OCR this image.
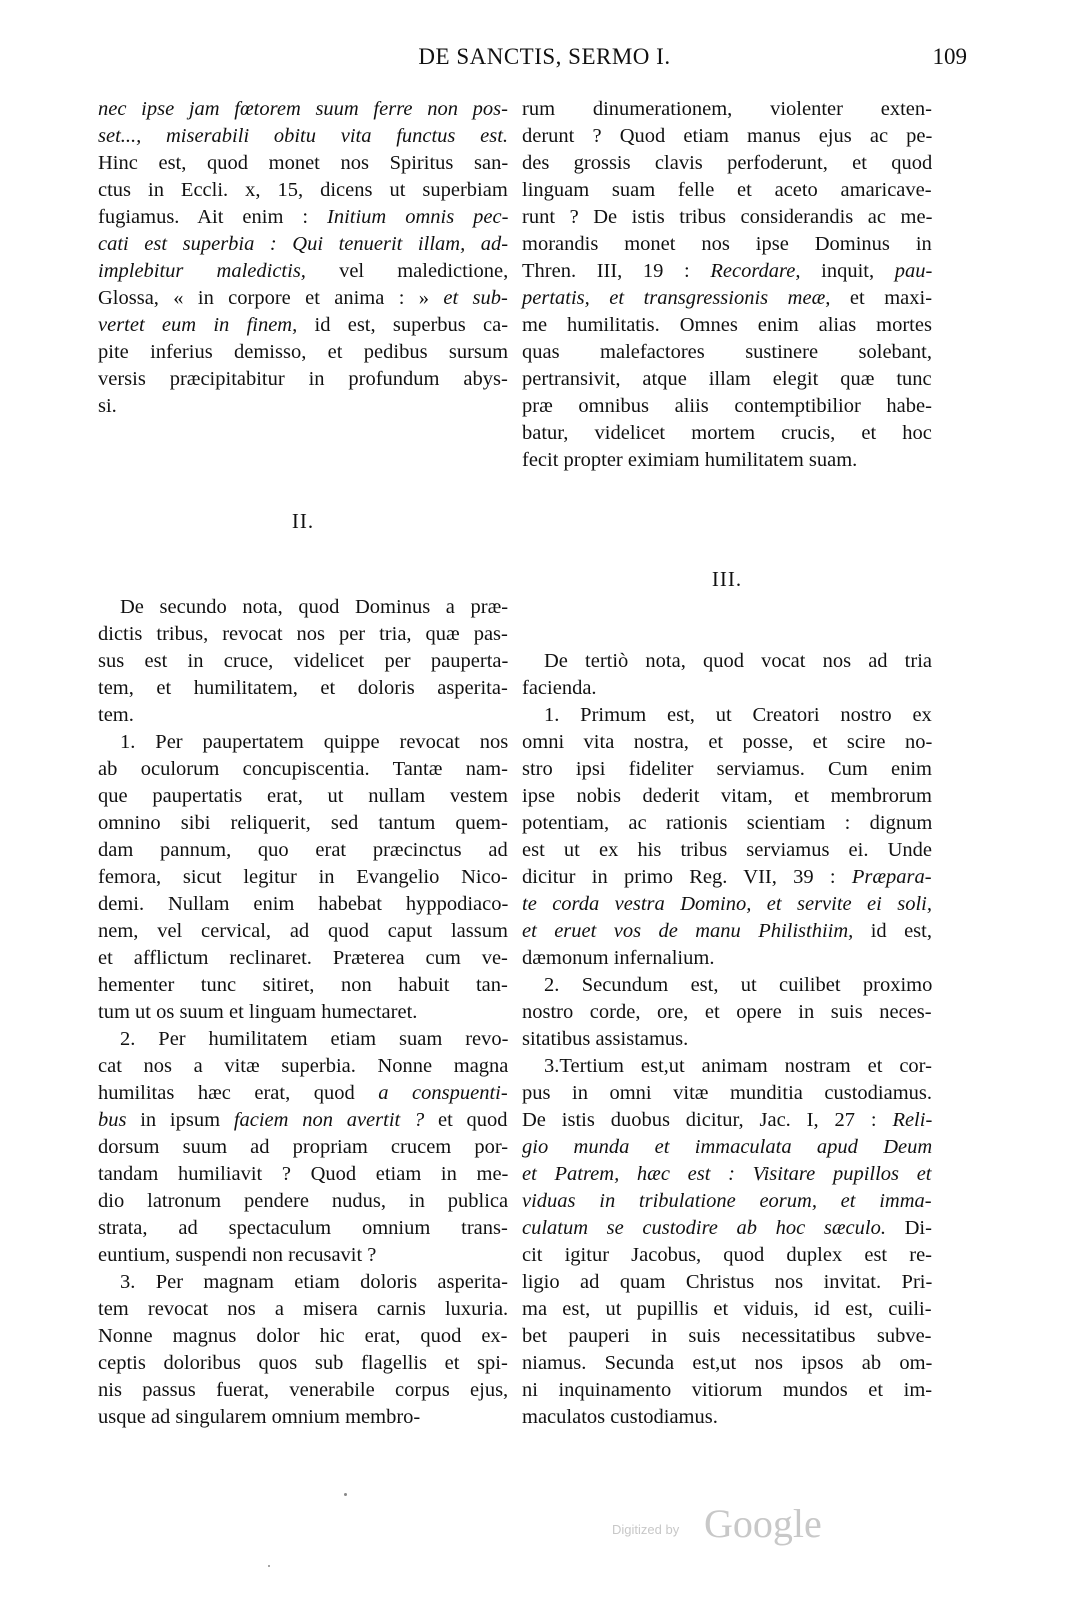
DE SANCTIS, SERMO I.	109
nec ipse jam fœtorem suum ferre non pos-
set..., miserabili obitu vita functus est.
Hinc est, quod monet nos Spiritus san-
ctus in Eccli. x, 15, dicens ut superbiam
fugiamus. Ait enim : Initium omnis pec-
cati est superbia : Qui tenuerit illam, ad-
implebitur maledictis, vel maledictione,
Glossa, « in corpore et anima : » et sub-
vertet eum in finem, id est, superbus ca-
pite inferius demisso, et pedibus sursum
versis præcipitabitur in profundum abys-
si.
II.
De secundo nota, quod Dominus a præ-
dictis tribus, revocat nos per tria, quæ pas-
sus est in cruce, videlicet per pauperta-
tem, et humilitatem, et doloris asperita-
tem.
1. Per paupertatem quippe revocat nos
ab oculorum concupiscentia. Tantæ nam-
que paupertatis erat, ut nullam vestem
omnino sibi reliquerit, sed tantum quem-
dam pannum, quo erat præcinctus ad
femora, sicut legitur in Evangelio Nico-
demi. Nullam enim habebat hyppodiaco-
nem, vel cervical, ad quod caput lassum
et afflictum reclinaret. Præterea cum ve-
hementer tunc sitiret, non habuit tan-
tum ut os suum et linguam humectaret.
2. Per humilitatem etiam suam revo-
cat nos a vitæ superbia. Nonne magna
humilitas hæc erat, quod a conspuenti-
bus in ipsum faciem non avertit ? et quod
dorsum suum ad propriam crucem por-
tandam humiliavit ? Quod etiam in me-
dio latronum pendere nudus, in publica
strata, ad spectaculum omnium trans-
euntium, suspendi non recusavit ?
3. Per magnam etiam doloris asperita-
tem revocat nos a misera carnis luxuria.
Nonne magnus dolor hic erat, quod ex-
ceptis doloribus quos sub flagellis et spi-
nis passus fuerat, venerabile corpus ejus,
usque ad singularem omnium membro-
rum dinumerationem, violenter exten-
derunt ? Quod etiam manus ejus ac pe-
des grossis clavis perfoderunt, et quod
linguam suam felle et aceto amaricave-
runt ? De istis tribus considerandis ac me-
morandis monet nos ipse Dominus in
Thren. III, 19 : Recordare, inquit, pau-
pertatis, et transgressionis meæ, et maxi-
me humilitatis. Omnes enim alias mortes
quas malefactores sustinere solebant,
pertransivit, atque illam elegit quæ tunc
præ omnibus aliis contemptibilior habe-
batur, videlicet mortem crucis, et hoc
fecit propter eximiam humilitatem suam.
III.
De tertiò nota, quod vocat nos ad tria
facienda.
1. Primum est, ut Creatori nostro ex
omni vita nostra, et posse, et scire no-
stro ipsi fideliter serviamus. Cum enim
ipse nobis dederit vitam, et membrorum
potentiam, ac rationis scientiam : dignum
est ut ex his tribus serviamus ei. Unde
dicitur in primo Reg. VII, 39 : Præpara-
te corda vestra Domino, et servite ei soli,
et eruet vos de manu Philisthiim, id est,
dæmonum infernalium.
2. Secundum est, ut cuilibet proximo
nostro corde, ore, et opere in suis neces-
sitatibus assistamus.
3.Tertium est,ut animam nostram et cor-
pus in omni vitæ munditia custodiamus.
De istis duobus dicitur, Jac. I, 27 : Reli-
gio munda et immaculata apud Deum
et Patrem, hæc est : Visitare pupillos et
viduas in tribulatione eorum, et imma-
culatum se custodire ab hoc sæculo. Di-
cit igitur Jacobus, quod duplex est re-
ligio ad quam Christus nos invitat. Pri-
ma est, ut pupillis et viduis, id est, cuili-
bet pauperi in suis necessitatibus subve-
niamus. Secunda est,ut nos ipsos ab om-
ni inquinamento vitiorum mundos et im-
maculatos custodiamus.
Digitized by Google
